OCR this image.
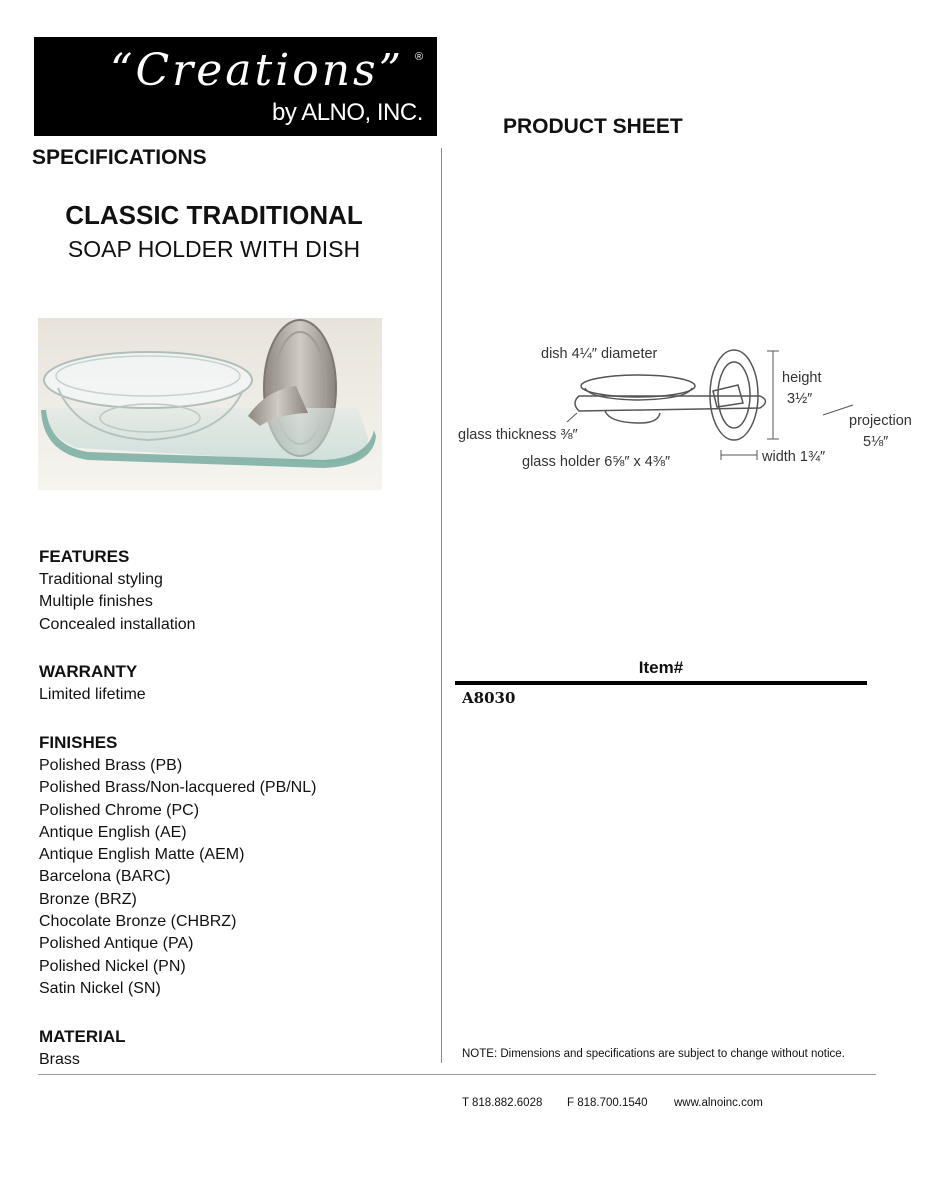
“Creations” ®
by ALNO, INC.
PRODUCT SHEET
SPECIFICATIONS
CLASSIC TRADITIONAL
SOAP HOLDER WITH DISH
dish 4¼″ diameter
height
3½″
projection
5⅛″
glass thickness ⅜″
glass holder 6⅝″ x 4⅜″	width 1¾″
FEATURES
Traditional styling
Multiple finishes
Concealed installation
WARRANTY
Limited lifetime
FINISHES
Polished Brass (PB)
Polished Brass/Non-lacquered (PB/NL)
Polished Chrome (PC)
Antique English (AE)
Antique English Matte (AEM)
Barcelona (BARC)
Bronze (BRZ)
Chocolate Bronze (CHBRZ)
Polished Antique (PA)
Polished Nickel (PN)
Satin Nickel (SN)
MATERIAL
Brass
Item#
A8030
NOTE: Dimensions and specifications are subject to change without notice.
T 818.882.6028 F 818.700.1540 www.alnoinc.com
